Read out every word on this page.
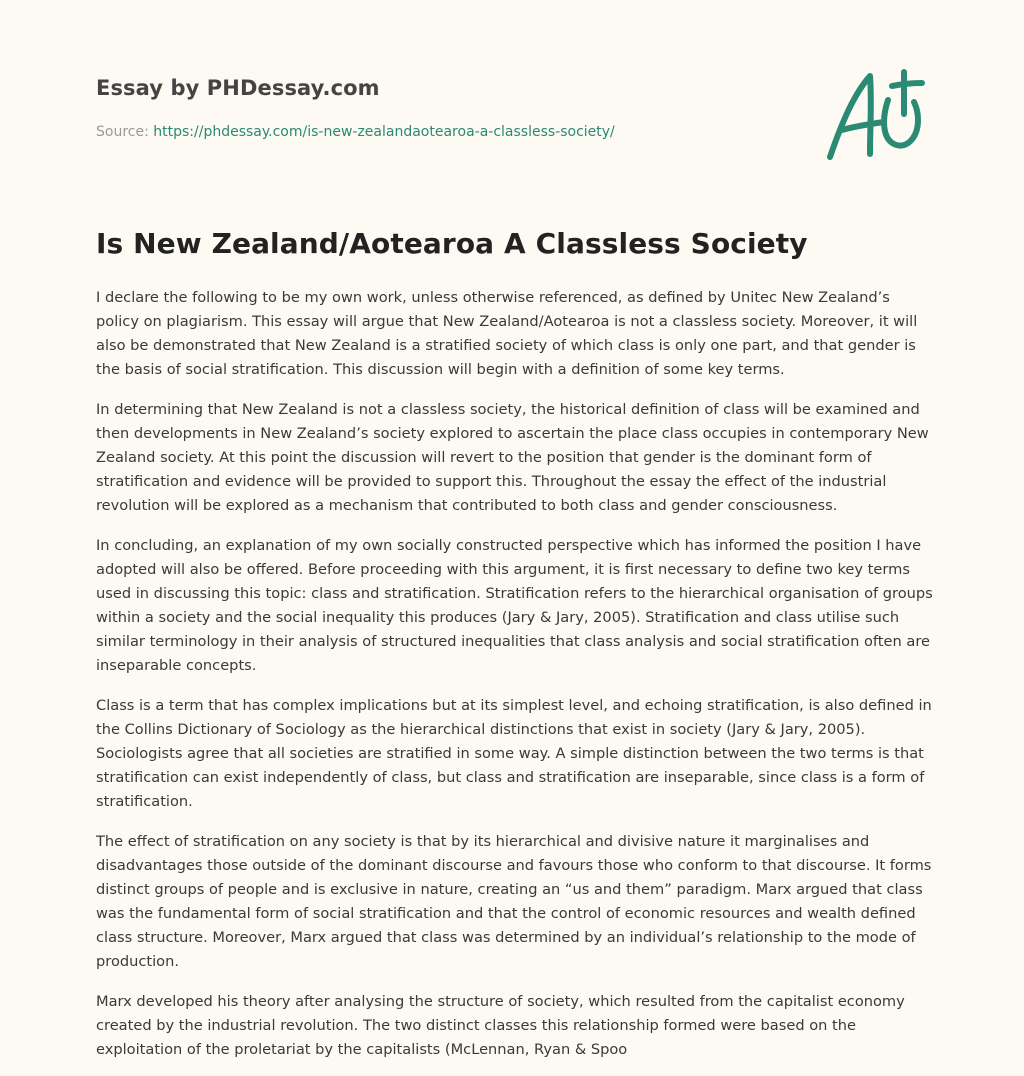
Essay by PHDessay.com

Source: https://phdessay.com/is-new-zealandaotearoa-a-classless-society/

Is New Zealand/Aotearoa A Classless Society

I declare the following to be my own work, unless otherwise referenced, as defined by Unitec New Zealand’s policy on plagiarism. This essay will argue that New Zealand/Aotearoa is not a classless society. Moreover, it will also be demonstrated that New Zealand is a stratified society of which class is only one part, and that gender is the basis of social stratification. This discussion will begin with a definition of some key terms.

In determining that New Zealand is not a classless society, the historical definition of class will be examined and then developments in New Zealand’s society explored to ascertain the place class occupies in contemporary New Zealand society. At this point the discussion will revert to the position that gender is the dominant form of stratification and evidence will be provided to support this. Throughout the essay the effect of the industrial revolution will be explored as a mechanism that contributed to both class and gender consciousness.

In concluding, an explanation of my own socially constructed perspective which has informed the position I have adopted will also be offered. Before proceeding with this argument, it is first necessary to define two key terms used in discussing this topic: class and stratification. Stratification refers to the hierarchical organisation of groups within a society and the social inequality this produces (Jary & Jary, 2005). Stratification and class utilise such similar terminology in their analysis of structured inequalities that class analysis and social stratification often are inseparable concepts.

Class is a term that has complex implications but at its simplest level, and echoing stratification, is also defined in the Collins Dictionary of Sociology as the hierarchical distinctions that exist in society (Jary & Jary, 2005). Sociologists agree that all societies are stratified in some way. A simple distinction between the two terms is that stratification can exist independently of class, but class and stratification are inseparable, since class is a form of stratification.

The effect of stratification on any society is that by its hierarchical and divisive nature it marginalises and disadvantages those outside of the dominant discourse and favours those who conform to that discourse. It forms distinct groups of people and is exclusive in nature, creating an “us and them” paradigm. Marx argued that class was the fundamental form of social stratification and that the control of economic resources and wealth defined class structure. Moreover, Marx argued that class was determined by an individual’s relationship to the mode of production.

Marx developed his theory after analysing the structure of society, which resulted from the capitalist economy created by the industrial revolution. The two distinct classes this relationship formed were based on the exploitation of the proletariat by the capitalists (McLennan, Ryan & Spoo
